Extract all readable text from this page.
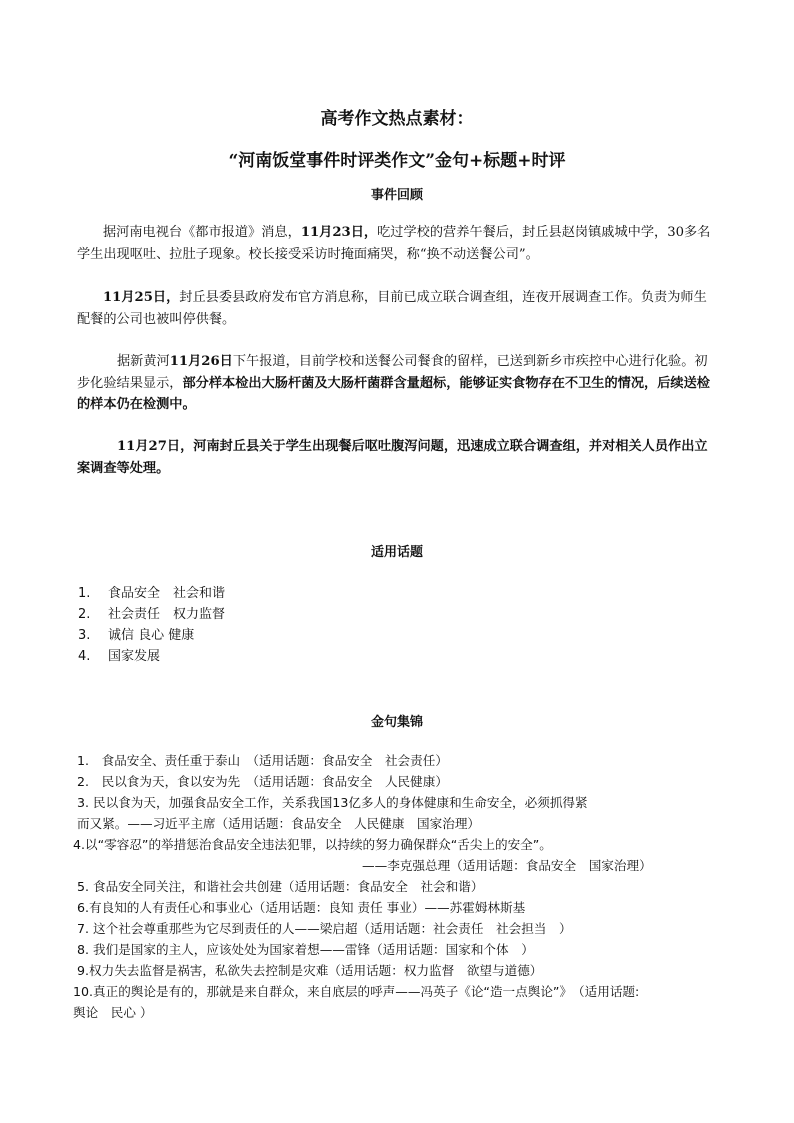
高考作文热点素材：
“河南饭堂事件时评类作文”金句+标题+时评
事件回顾
据河南电视台《都市报道》消息，11月23日，吃过学校的营养午餐后，封丘县赵岗镇戚城中学，30多名学生出现呕吐、拉肚子现象。校长接受采访时掩面痛哭，称“换不动送餐公司”。
11月25日，封丘县委县政府发布官方消息称，目前已成立联合调查组，连夜开展调查工作。负责为师生配餐的公司也被叫停供餐。
据新黄河11月26日下午报道，目前学校和送餐公司餐食的留样，已送到新乡市疾控中心进行化验。初步化验结果显示，部分样本检出大肠杆菌及大肠杆菌群含量超标，能够证实食物存在不卫生的情况，后续送检的样本仍在检测中。
11月27日，河南封丘县关于学生出现餐后呕吐腹泻问题，迅速成立联合调查组，并对相关人员作出立案调查等处理。
适用话题
1. 食品安全　社会和谐
2. 社会责任　权力监督
3. 诚信 良心 健康
4. 国家发展
金句集锦
1.　食品安全、责任重于泰山　（适用话题：食品安全　社会责任）
2.　民以食为天，食以安为先　（适用话题：食品安全　人民健康）
3. 民以食为天，加强食品安全工作，关系我国13亿多人的身体健康和生命安全，必须抓得紧
而又紧。——习近平主席（适用话题：食品安全　人民健康　国家治理）
4.以“零容忍”的举措惩治食品安全违法犯罪，以持续的努力确保群众“舌尖上的安全”。
——李克强总理（适用话题：食品安全　国家治理）
5. 食品安全同关注，和谐社会共创建（适用话题：食品安全　社会和谐）
6.有良知的人有责任心和事业心（适用话题：良知 责任 事业）——苏霍姆林斯基
7. 这个社会尊重那些为它尽到责任的人——梁启超（适用话题：社会责任　社会担当　）
8. 我们是国家的主人，应该处处为国家着想——雷锋（适用话题：国家和个体　）
9.权力失去监督是祸害，私欲失去控制是灾难（适用话题：权力监督　欲望与道德）
10.真正的舆论是有的，那就是来自群众，来自底层的呼声——冯英子《论“造一点舆论”》　（适用话题:
舆论　民心 ）
